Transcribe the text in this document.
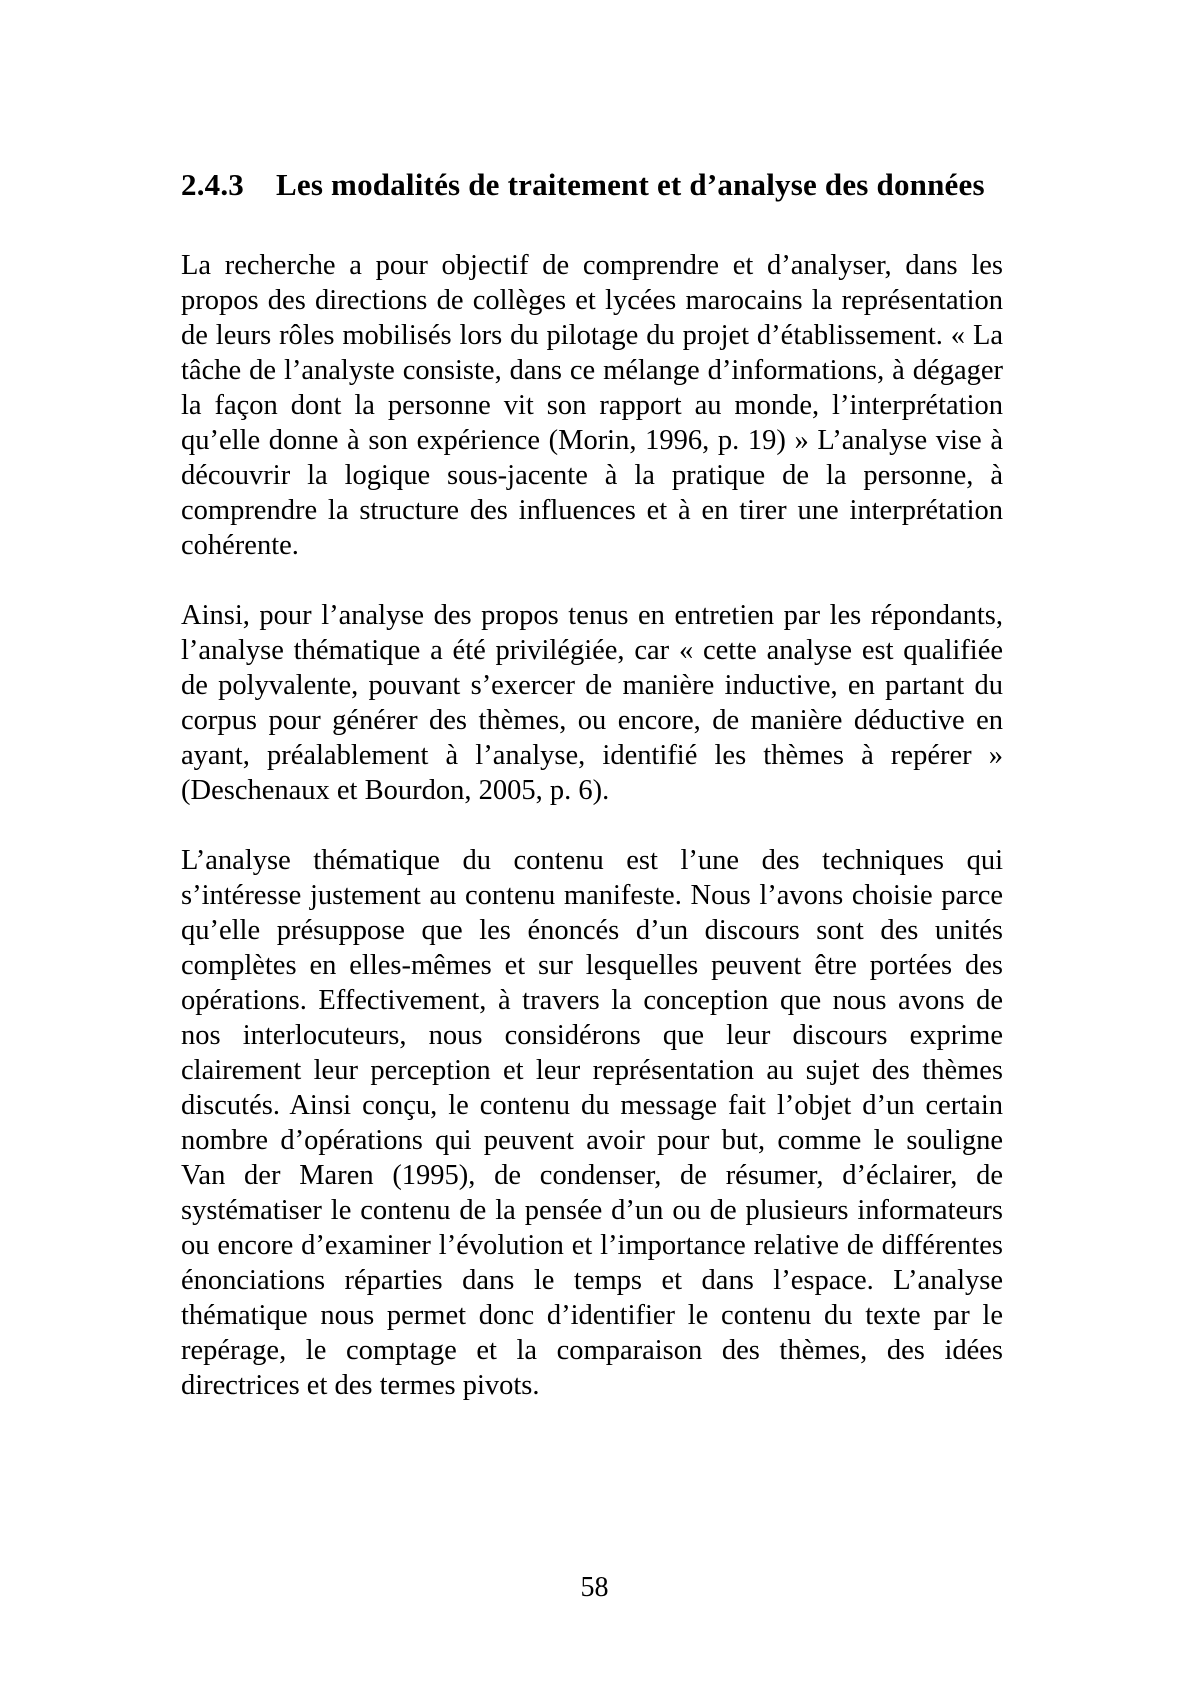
2.4.3 Les modalités de traitement et d’analyse des données

La recherche a pour objectif de comprendre et d’analyser, dans les propos des directions de collèges et lycées marocains la représentation de leurs rôles mobilisés lors du pilotage du projet d’établissement. « La tâche de l’analyste consiste, dans ce mélange d’informations, à dégager la façon dont la personne vit son rapport au monde, l’interprétation qu’elle donne à son expérience (Morin, 1996, p. 19) » L’analyse vise à découvrir la logique sous-jacente à la pratique de la personne, à comprendre la structure des influences et à en tirer une interprétation cohérente.

Ainsi, pour l’analyse des propos tenus en entretien par les répondants, l’analyse thématique a été privilégiée, car « cette analyse est qualifiée de polyvalente, pouvant s’exercer de manière inductive, en partant du corpus pour générer des thèmes, ou encore, de manière déductive en ayant, préalablement à l’analyse, identifié les thèmes à repérer » (Deschenaux et Bourdon, 2005, p. 6).

L’analyse thématique du contenu est l’une des techniques qui s’intéresse justement au contenu manifeste. Nous l’avons choisie parce qu’elle présuppose que les énoncés d’un discours sont des unités complètes en elles-mêmes et sur lesquelles peuvent être portées des opérations. Effectivement, à travers la conception que nous avons de nos interlocuteurs, nous considérons que leur discours exprime clairement leur perception et leur représentation au sujet des thèmes discutés. Ainsi conçu, le contenu du message fait l’objet d’un certain nombre d’opérations qui peuvent avoir pour but, comme le souligne Van der Maren (1995), de condenser, de résumer, d’éclairer, de systématiser le contenu de la pensée d’un ou de plusieurs informateurs ou encore d’examiner l’évolution et l’importance relative de différentes énonciations réparties dans le temps et dans l’espace. L’analyse thématique nous permet donc d’identifier le contenu du texte par le repérage, le comptage et la comparaison des thèmes, des idées directrices et des termes pivots.

58
